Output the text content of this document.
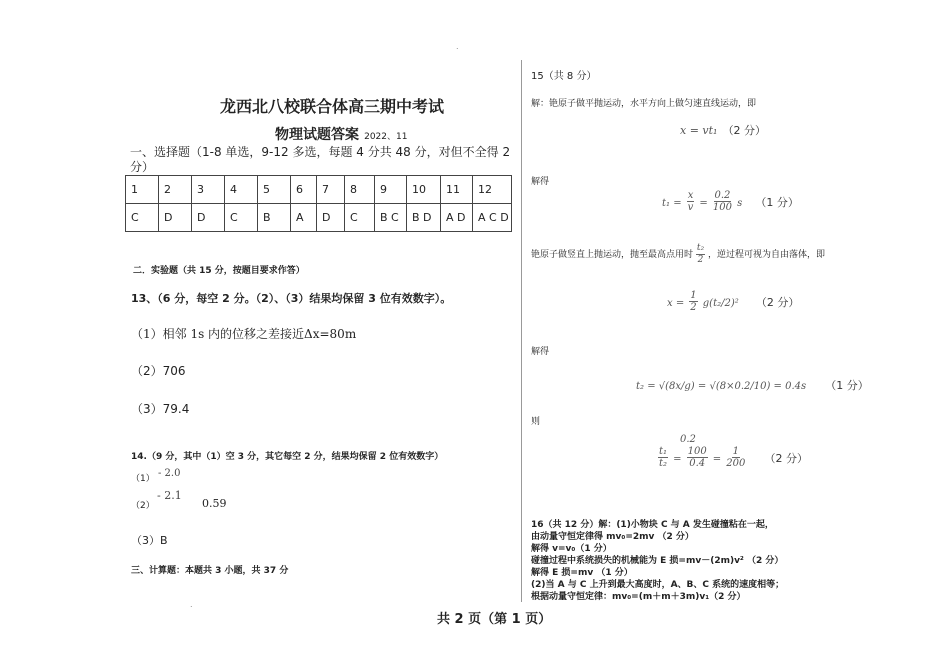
.
.
龙西北八校联合体高三期中考试
物理试题答案 2022、11
一、选择题（1-8 单选，9-12 多选，每题 4 分共 48 分，对但不全得 2 分）
1	2	3	4	5	6	7	8	9	10	11	12
C	D	D	C	B	A	D	C	B C	B D	A D	A C D
二．实验题（共 15 分，按题目要求作答）
13、（6 分，每空 2 分。（2）、（3）结果均保留 3 位有效数字）。
（1）相邻 1s 内的位移之差接近Δx=80m
（2）706
（3）79.4
14.（9 分，其中（1）空 3 分，其它每空 2 分，结果均保留 2 位有效数字）
（1） - 2.0
（2）
- 2.1
0.59
（3）B
三、计算题：本题共 3 小题，共 37 分
15（共 8 分）
解：铯原子做平抛运动，水平方向上做匀速直线运动，即
x = vt₁ （2 分）
解得
$t_1 = \frac{x}{v} = \frac{0.2}{100}$ s （1 分）
铯原子做竖直上抛运动，抛至最高点用时 $\frac{\text{t₂}}{2}$ ，逆过程可视为自由落体，即
$x = \frac{1}{2} g(t_2/2)^2$ （2 分）
解得
t₂ = √(8x/g) = √(8×0.2/10) = 0.4s （1 分）
则
0.2
$\frac{\text{t₁}}{\text{t₂}} = \frac{100}{0.4} = \frac{1}{200} (2$ 分）
16（共 12 分）解：(1)小物块 C 与 A 发生碰撞粘在一起，
由动量守恒定律得 mv₀=2mv （2 分）
解得 v=v₀（1 分）
碰撞过程中系统损失的机械能为 E 损=mv－(2m)v² （2 分）
解得 E 损=mv （1 分）
(2)当 A 与 C 上升到最大高度时，A、B、C 系统的速度相等；
根据动量守恒定律：mv₀=(m＋m＋3m)v₁（2 分）
共 2 页（第 1 页）
